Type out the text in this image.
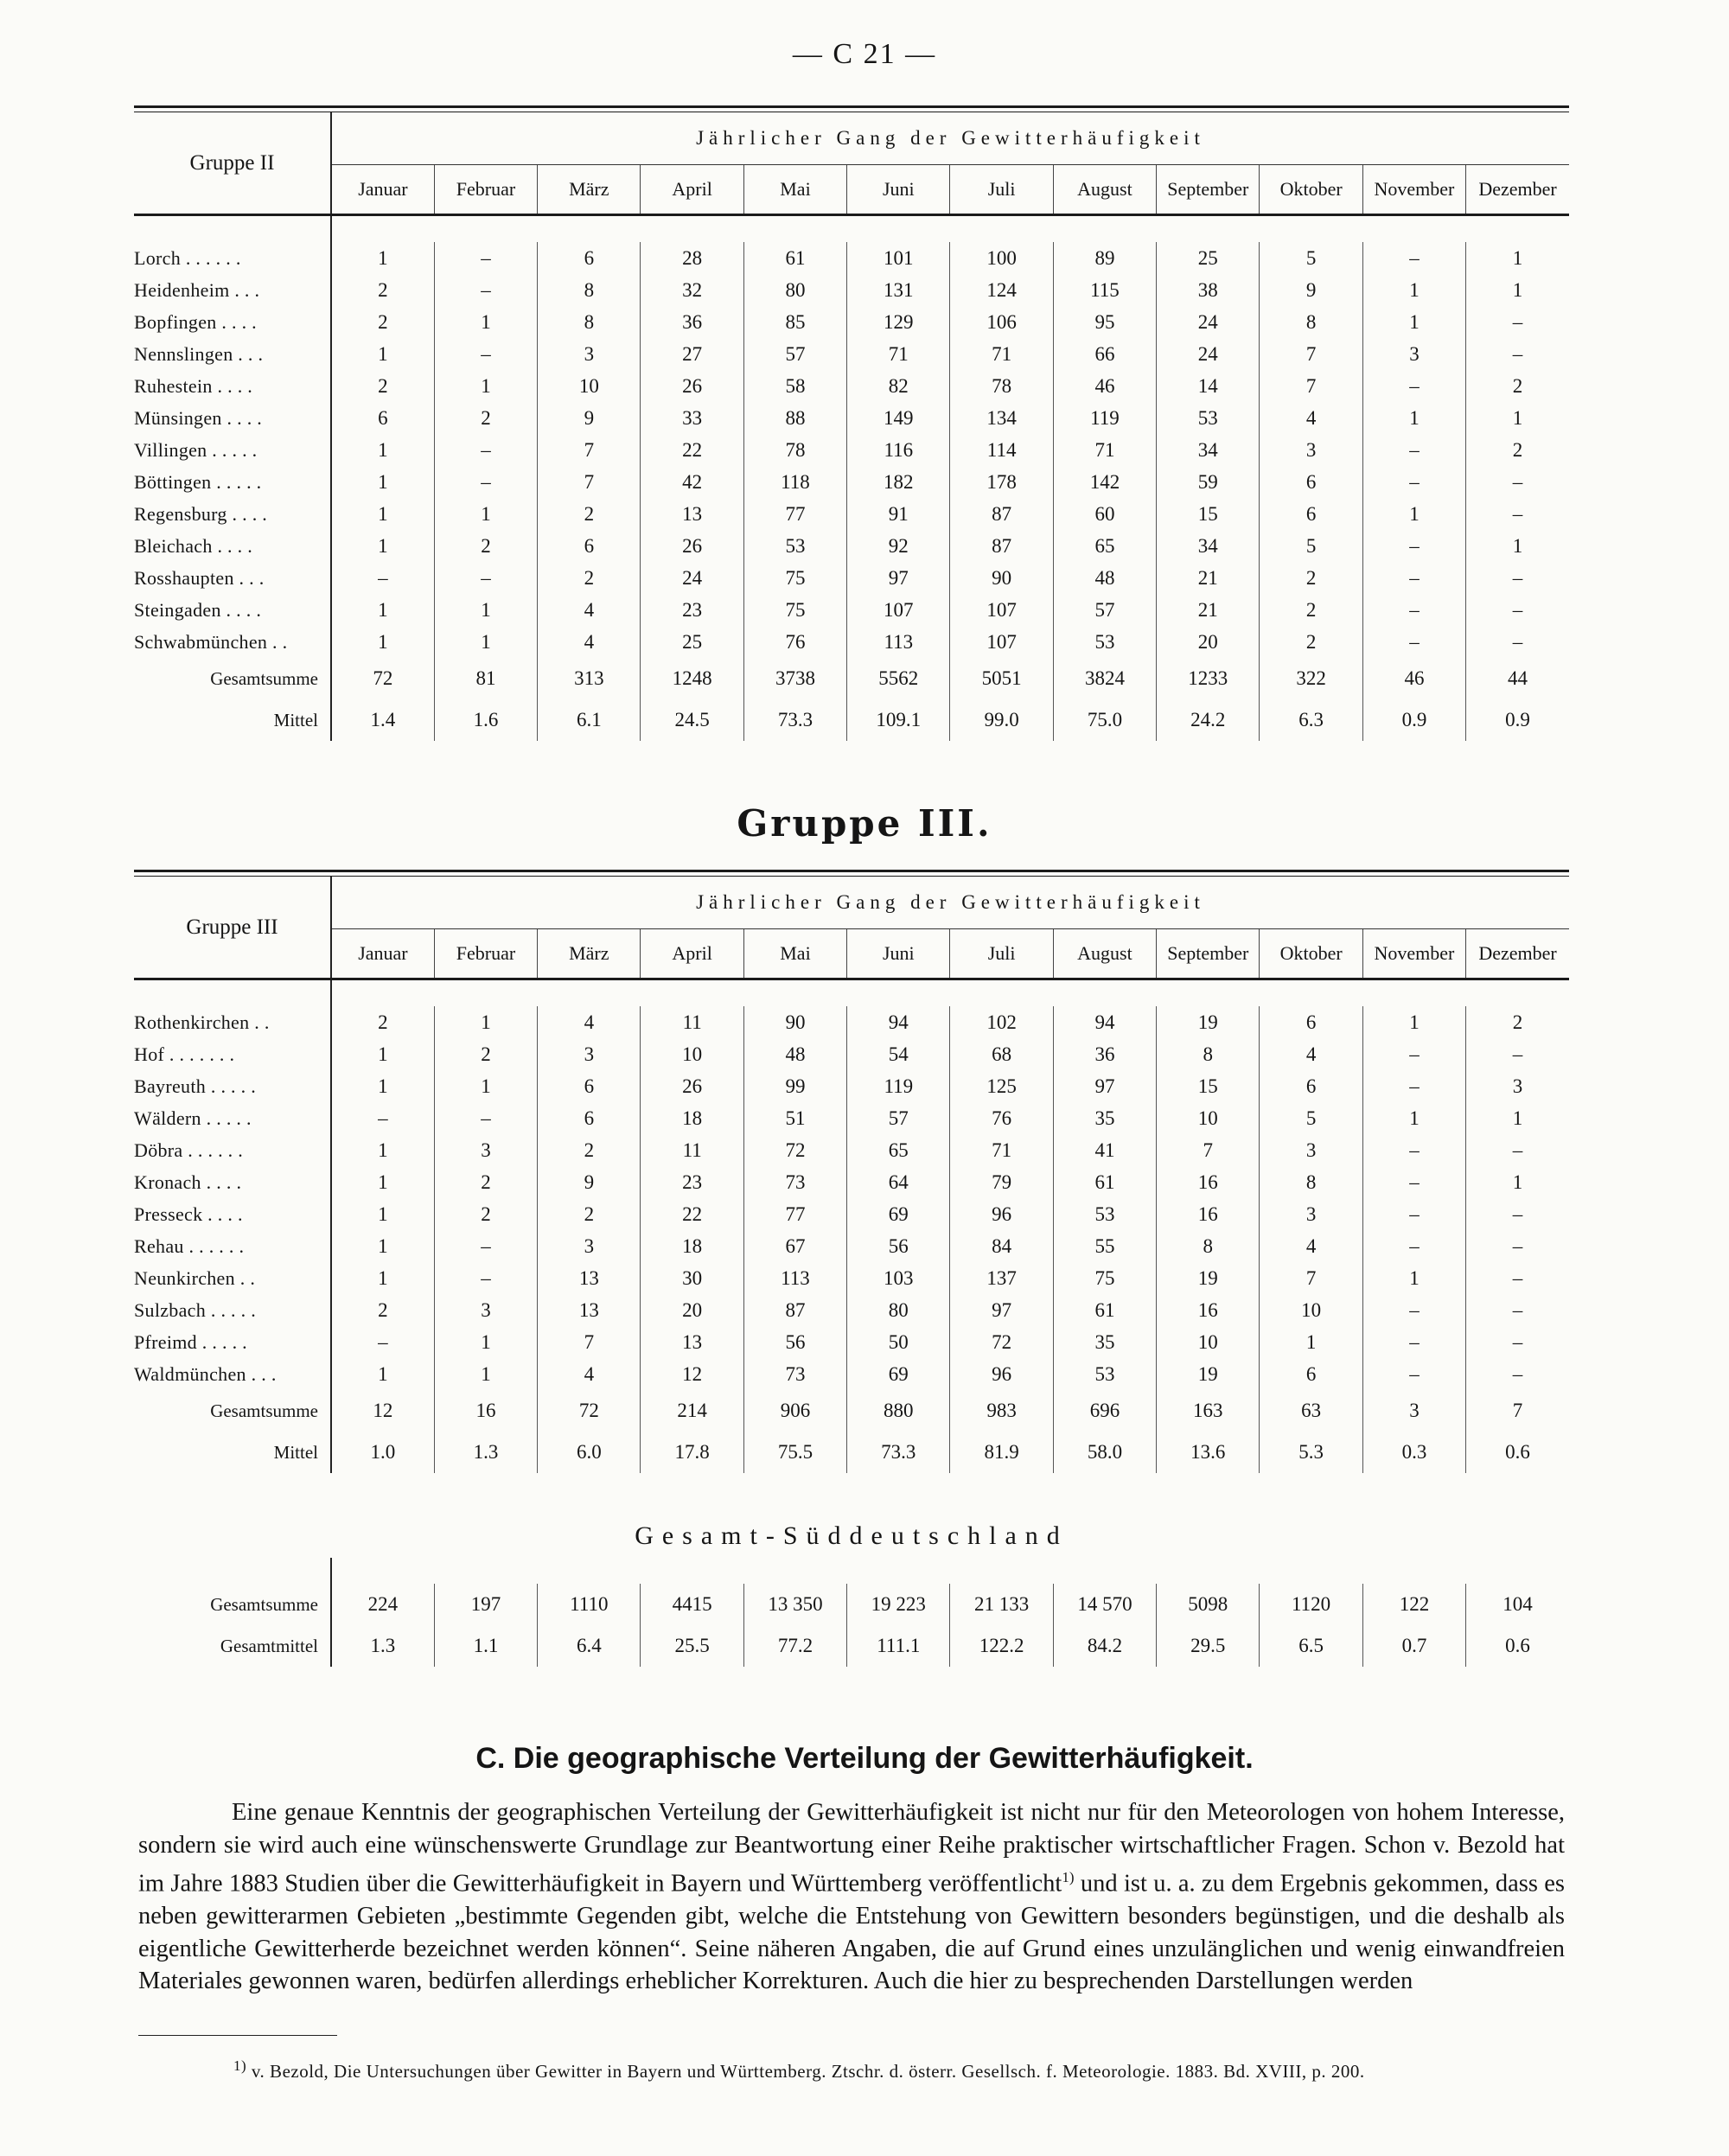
— C 21 —
Gruppe II	Jährlicher Gang der Gewitterhäufigkeit											
	Januar	Februar	März	April	Mai	Juni	Juli	August	September	Oktober	November	Dezember

Lorch . . . . . .	1	–	6	28	61	101	100	89	25	5	–	1
Heidenheim . . .	2	–	8	32	80	131	124	115	38	9	1	1
Bopfingen . . . .	2	1	8	36	85	129	106	95	24	8	1	–
Nennslingen . . .	1	–	3	27	57	71	71	66	24	7	3	–
Ruhestein . . . .	2	1	10	26	58	82	78	46	14	7	–	2
Münsingen . . . .	6	2	9	33	88	149	134	119	53	4	1	1
Villingen . . . . .	1	–	7	22	78	116	114	71	34	3	–	2
Böttingen . . . . .	1	–	7	42	118	182	178	142	59	6	–	–
Regensburg . . . .	1	1	2	13	77	91	87	60	15	6	1	–
Bleichach . . . .	1	2	6	26	53	92	87	65	34	5	–	1
Rosshaupten . . .	–	–	2	24	75	97	90	48	21	2	–	–
Steingaden . . . .	1	1	4	23	75	107	107	57	21	2	–	–
Schwabmünchen . .	1	1	4	25	76	113	107	53	20	2	–	–
Gesamtsumme	72	81	313	1248	3738	5562	5051	3824	1233	322	46	44
Mittel	1.4	1.6	6.1	24.5	73.3	109.1	99.0	75.0	24.2	6.3	0.9	0.9
Gruppe III.
Gruppe III	Jährlicher Gang der Gewitterhäufigkeit											
	Januar	Februar	März	April	Mai	Juni	Juli	August	September	Oktober	November	Dezember

Rothenkirchen . .	2	1	4	11	90	94	102	94	19	6	1	2
Hof . . . . . . .	1	2	3	10	48	54	68	36	8	4	–	–
Bayreuth . . . . .	1	1	6	26	99	119	125	97	15	6	–	3
Wäldern . . . . .	–	–	6	18	51	57	76	35	10	5	1	1
Döbra . . . . . .	1	3	2	11	72	65	71	41	7	3	–	–
Kronach . . . .	1	2	9	23	73	64	79	61	16	8	–	1
Presseck . . . .	1	2	2	22	77	69	96	53	16	3	–	–
Rehau . . . . . .	1	–	3	18	67	56	84	55	8	4	–	–
Neunkirchen . .	1	–	13	30	113	103	137	75	19	7	1	–
Sulzbach . . . . .	2	3	13	20	87	80	97	61	16	10	–	–
Pfreimd . . . . .	–	1	7	13	56	50	72	35	10	1	–	–
Waldmünchen . . .	1	1	4	12	73	69	96	53	19	6	–	–
Gesamtsumme	12	16	72	214	906	880	983	696	163	63	3	7
Mittel	1.0	1.3	6.0	17.8	75.5	73.3	81.9	58.0	13.6	5.3	0.3	0.6
Gesamt-Süddeutschland

Gesamtsumme	224	197	1110	4415	13 350	19 223	21 133	14 570	5098	1120	122	104
Gesamtmittel	1.3	1.1	6.4	25.5	77.2	111.1	122.2	84.2	29.5	6.5	0.7	0.6
C. Die geographische Verteilung der Gewitterhäufigkeit.

Eine genaue Kenntnis der geographischen Verteilung der Gewitterhäufigkeit ist nicht nur für den Meteorologen von hohem Interesse, sondern sie wird auch eine wünschenswerte Grundlage zur Beantwortung einer Reihe praktischer wirtschaftlicher Fragen. Schon v. Bezold hat im Jahre 1883 Studien über die Gewitterhäufigkeit in Bayern und Württemberg veröffentlicht$^{1)}$ und ist u. a. zu dem Ergebnis gekommen, dass es neben gewitterarmen Gebieten „bestimmte Gegenden gibt, welche die Entstehung von Gewittern besonders begünstigen, und die deshalb als eigentliche Gewitterherde bezeichnet werden können“. Seine näheren Angaben, die auf Grund eines unzulänglichen und wenig einwandfreien Materiales gewonnen waren, bedürfen allerdings erheblicher Korrekturen. Auch die hier zu besprechenden Darstellungen werden

$^{1)}$ v. Bezold, Die Untersuchungen über Gewitter in Bayern und Württemberg. Ztschr. d. österr. Gesellsch. f. Meteorologie. 1883. Bd. XVIII, p. 200.
